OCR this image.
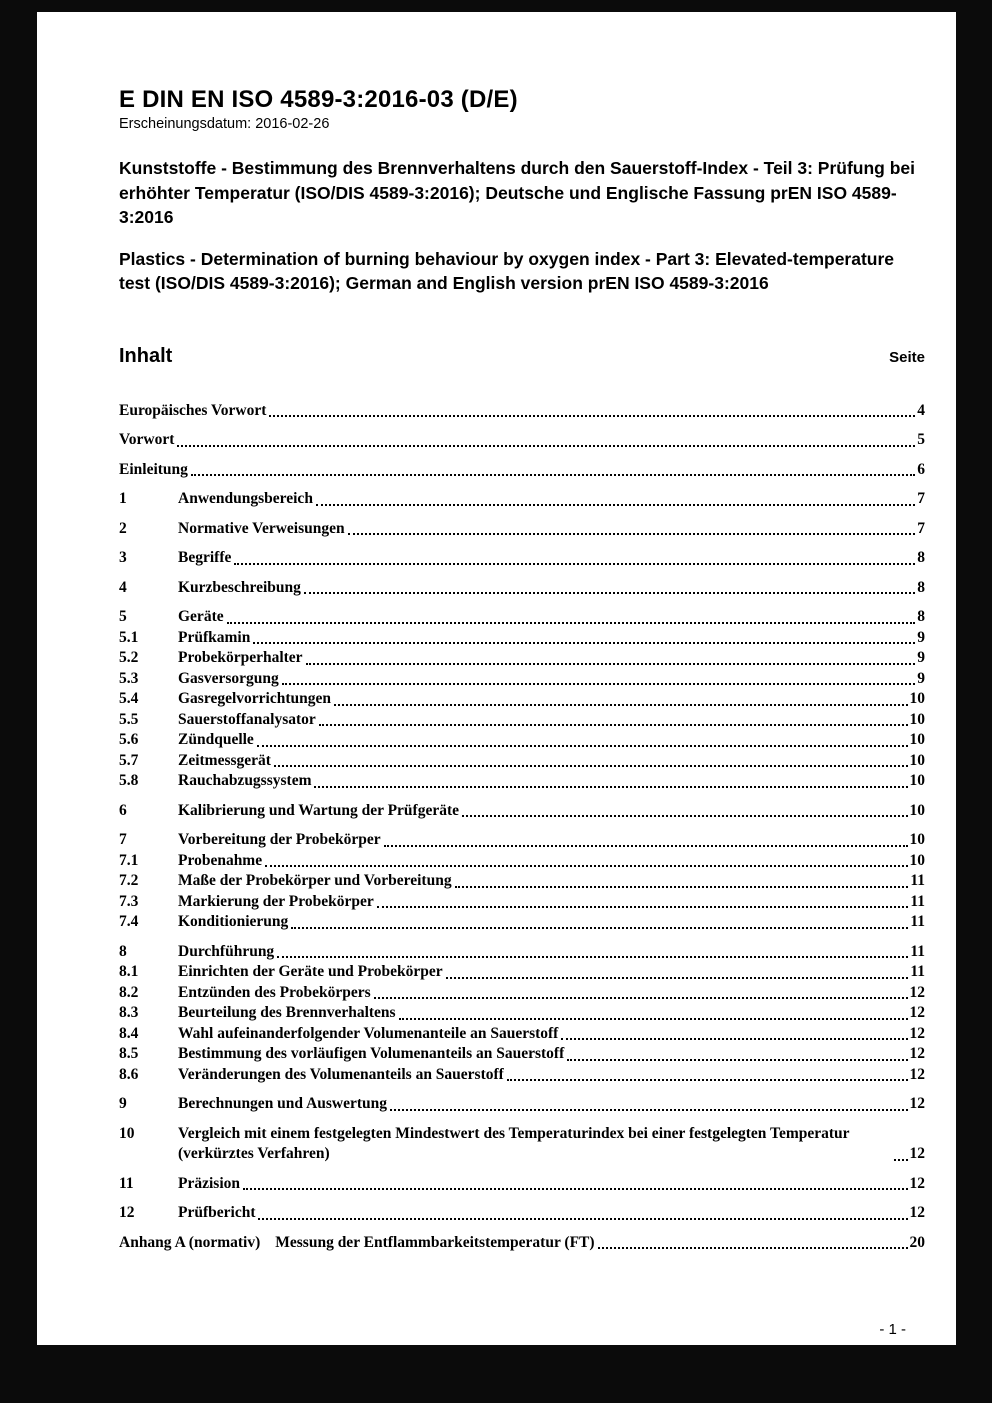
E DIN EN ISO 4589-3:2016-03 (D/E)
Erscheinungsdatum: 2016-02-26

Kunststoffe - Bestimmung des Brennverhaltens durch den Sauerstoff-Index - Teil 3: Prüfung bei erhöhter Temperatur (ISO/DIS 4589-3:2016); Deutsche und Englische Fassung prEN ISO 4589-3:2016

Plastics - Determination of burning behaviour by oxygen index - Part 3: Elevated-temperature test (ISO/DIS 4589-3:2016); German and English version prEN ISO 4589-3:2016

Inhalt	Seite
Europäisches Vorwort	4
Vorwort	5
Einleitung	6
1	Anwendungsbereich	7
2	Normative Verweisungen	7
3	Begriffe	8
4	Kurzbeschreibung	8
5	Geräte	8
5.1	Prüfkamin	9
5.2	Probekörperhalter	9
5.3	Gasversorgung	9
5.4	Gasregelvorrichtungen	10
5.5	Sauerstoffanalysator	10
5.6	Zündquelle	10
5.7	Zeitmessgerät	10
5.8	Rauchabzugssystem	10
6	Kalibrierung und Wartung der Prüfgeräte	10
7	Vorbereitung der Probekörper	10
7.1	Probenahme	10
7.2	Maße der Probekörper und Vorbereitung	11
7.3	Markierung der Probekörper	11
7.4	Konditionierung	11
8	Durchführung	11
8.1	Einrichten der Geräte und Probekörper	11
8.2	Entzünden des Probekörpers	12
8.3	Beurteilung des Brennverhaltens	12
8.4	Wahl aufeinanderfolgender Volumenanteile an Sauerstoff	12
8.5	Bestimmung des vorläufigen Volumenanteils an Sauerstoff	12
8.6	Veränderungen des Volumenanteils an Sauerstoff	12
9	Berechnungen und Auswertung	12
10	Vergleich mit einem festgelegten Mindestwert des Temperaturindex bei einer festgelegten Temperatur (verkürztes Verfahren)	12
11	Präzision	12
12	Prüfbericht	12
Anhang A (normativ) Messung der Entflammbarkeitstemperatur (FT)	20
- 1 -
